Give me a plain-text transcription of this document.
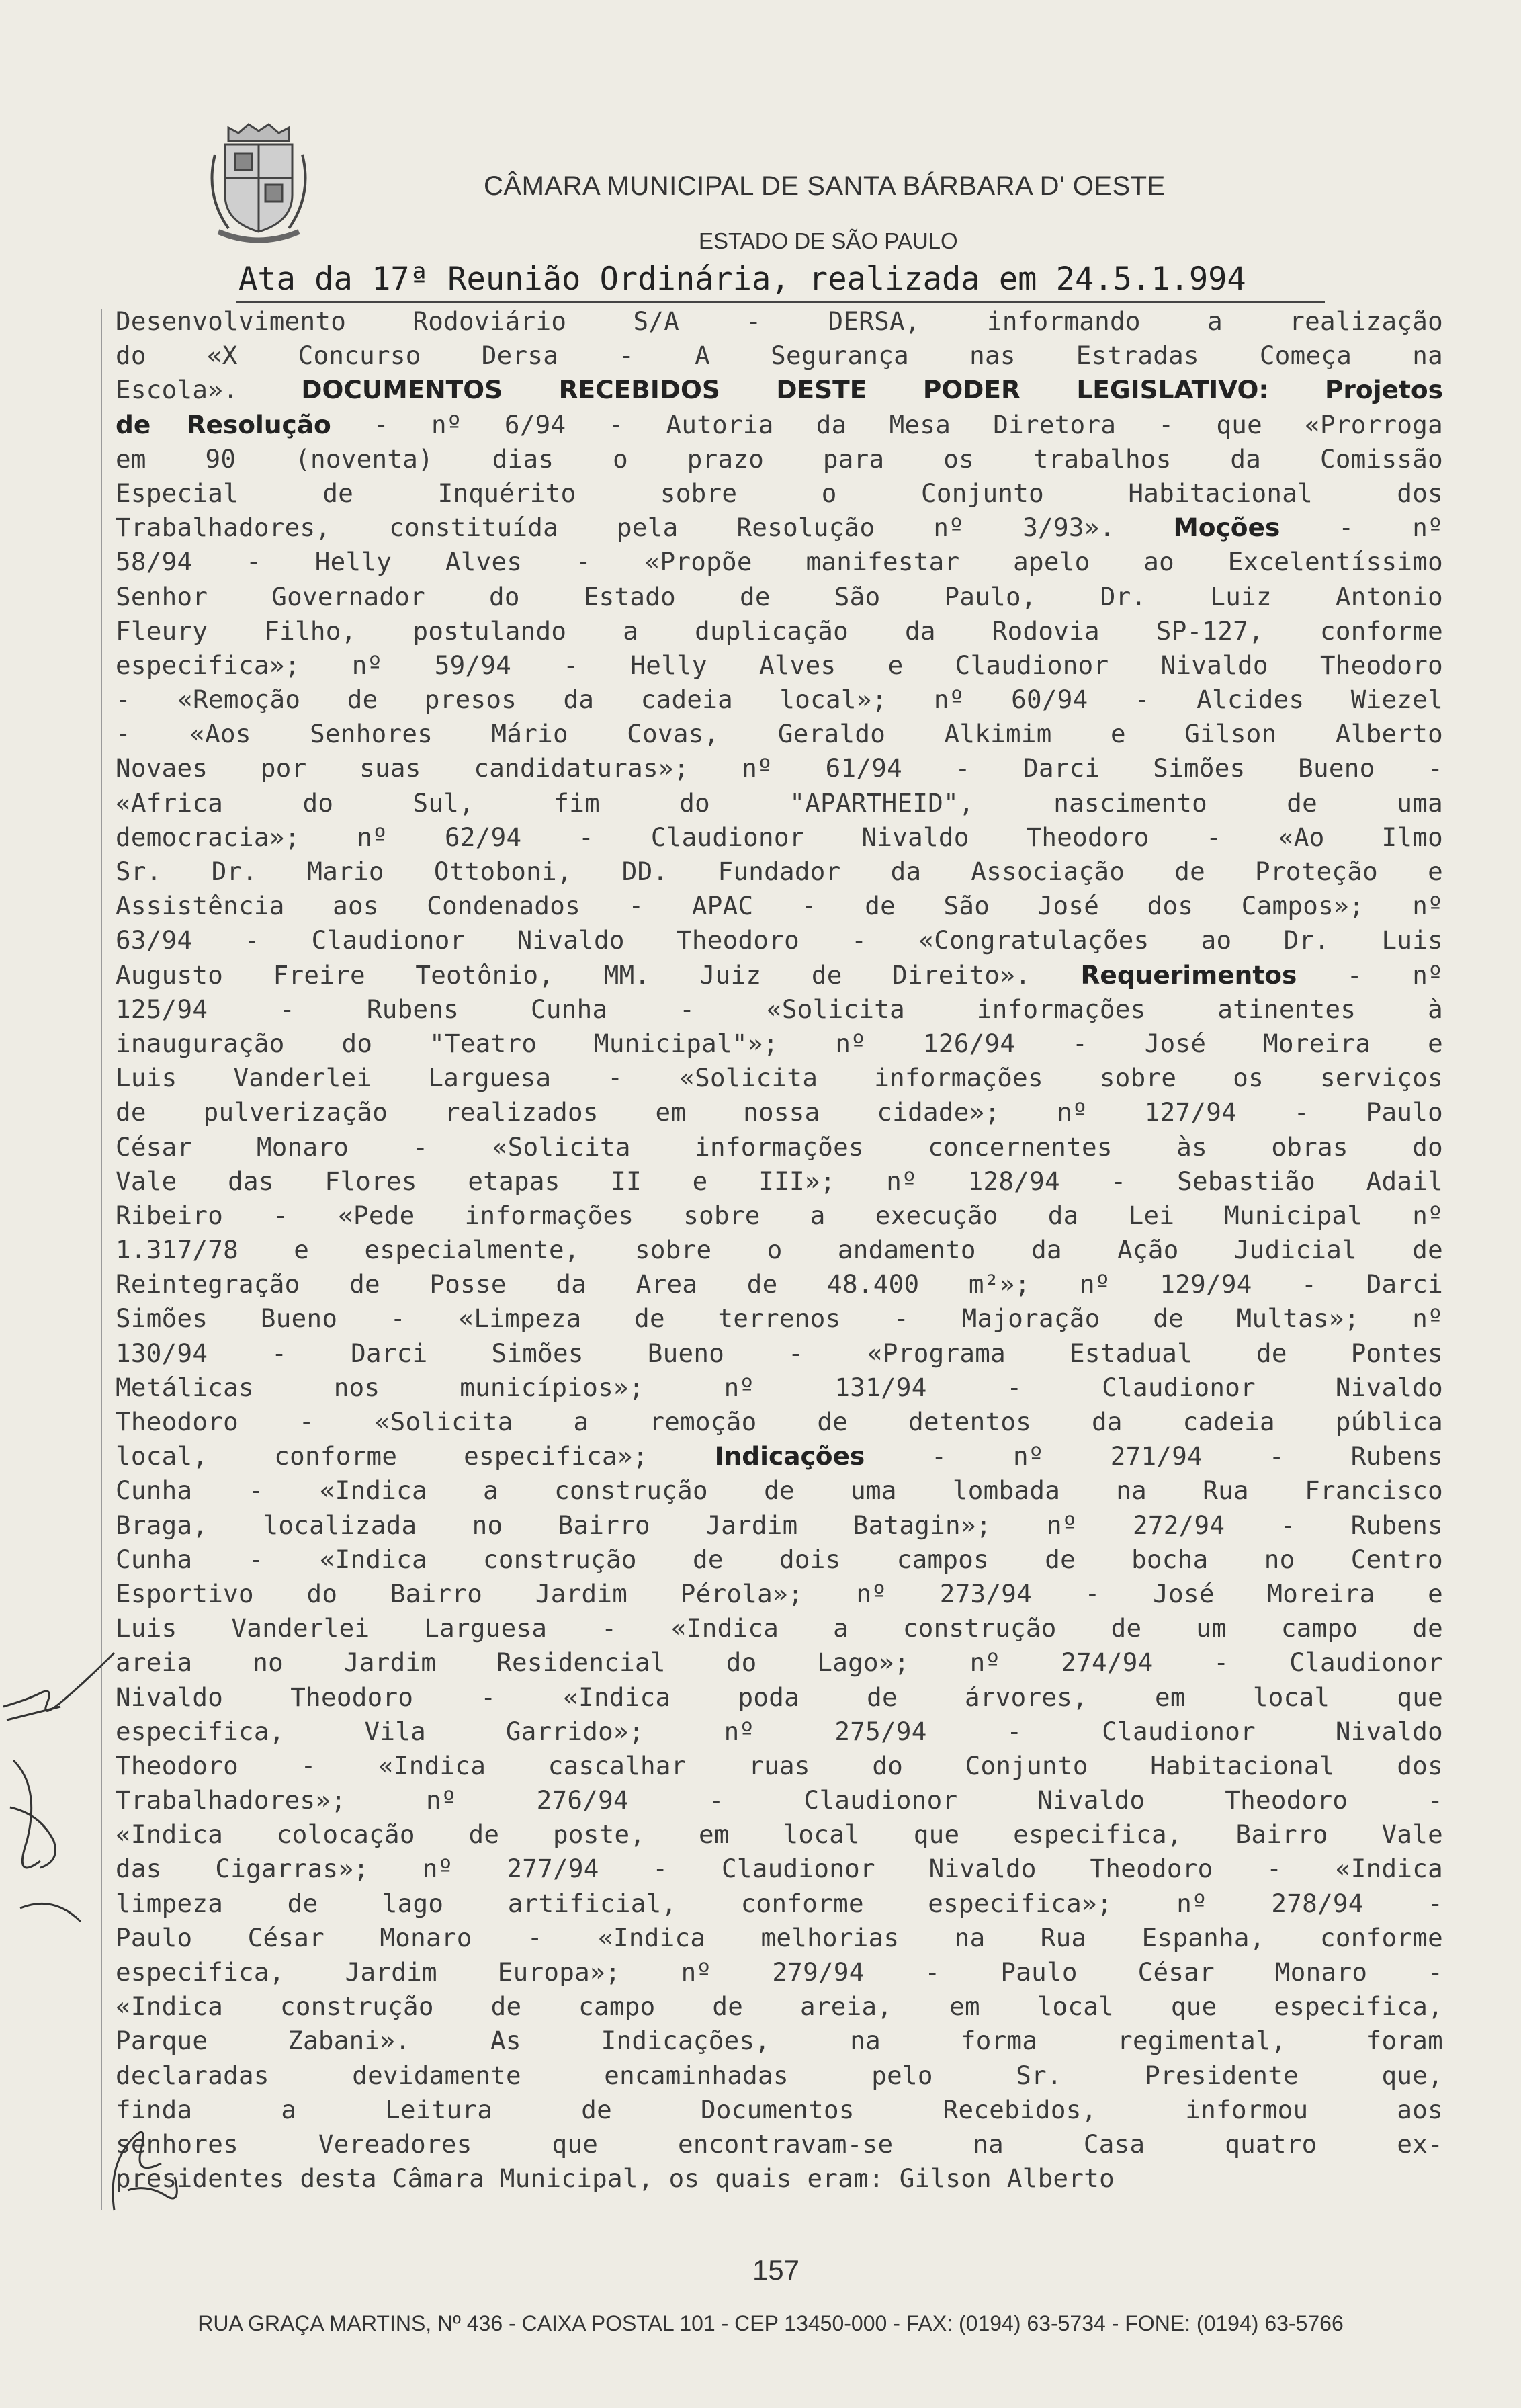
CÂMARA MUNICIPAL DE SANTA BÁRBARA D' OESTE
ESTADO DE SÃO PAULO
Ata da 17ª Reunião Ordinária, realizada em 24.5.1.994
Desenvolvimento Rodoviário S/A - DERSA, informando a realização
do «X Concurso Dersa - A Segurança nas Estradas Começa na
Escola». DOCUMENTOS RECEBIDOS DESTE PODER LEGISLATIVO: Projetos
de Resolução - nº 6/94 - Autoria da Mesa Diretora - que «Prorroga
em 90 (noventa) dias o prazo para os trabalhos da Comissão
Especial de Inquérito sobre o Conjunto Habitacional dos
Trabalhadores, constituída pela Resolução nº 3/93». Moções - nº
58/94 - Helly Alves - «Propõe manifestar apelo ao Excelentíssimo
Senhor Governador do Estado de São Paulo, Dr. Luiz Antonio
Fleury Filho, postulando a duplicação da Rodovia SP-127, conforme
especifica»; nº 59/94 - Helly Alves e Claudionor Nivaldo Theodoro
- «Remoção de presos da cadeia local»; nº 60/94 - Alcides Wiezel
- «Aos Senhores Mário Covas, Geraldo Alkimim e Gilson Alberto
Novaes por suas candidaturas»; nº 61/94 - Darci Simões Bueno -
«Africa do Sul, fim do "APARTHEID", nascimento de uma
democracia»; nº 62/94 - Claudionor Nivaldo Theodoro - «Ao Ilmo
Sr. Dr. Mario Ottoboni, DD. Fundador da Associação de Proteção e
Assistência aos Condenados - APAC - de São José dos Campos»; nº
63/94 - Claudionor Nivaldo Theodoro - «Congratulações ao Dr. Luis
Augusto Freire Teotônio, MM. Juiz de Direito». Requerimentos - nº
125/94 - Rubens Cunha - «Solicita informações atinentes à
inauguração do "Teatro Municipal"»; nº 126/94 - José Moreira e
Luis Vanderlei Larguesa - «Solicita informações sobre os serviços
de pulverização realizados em nossa cidade»; nº 127/94 - Paulo
César Monaro - «Solicita informações concernentes às obras do
Vale das Flores etapas II e III»; nº 128/94 - Sebastião Adail
Ribeiro - «Pede informações sobre a execução da Lei Municipal nº
1.317/78 e especialmente, sobre o andamento da Ação Judicial de
Reintegração de Posse da Area de 48.400 m²»; nº 129/94 - Darci
Simões Bueno - «Limpeza de terrenos - Majoração de Multas»; nº
130/94 - Darci Simões Bueno - «Programa Estadual de Pontes
Metálicas nos municípios»; nº 131/94 - Claudionor Nivaldo
Theodoro - «Solicita a remoção de detentos da cadeia pública
local, conforme especifica»; Indicações - nº 271/94 - Rubens
Cunha - «Indica a construção de uma lombada na Rua Francisco
Braga, localizada no Bairro Jardim Batagin»; nº 272/94 - Rubens
Cunha - «Indica construção de dois campos de bocha no Centro
Esportivo do Bairro Jardim Pérola»; nº 273/94 - José Moreira e
Luis Vanderlei Larguesa - «Indica a construção de um campo de
areia no Jardim Residencial do Lago»; nº 274/94 - Claudionor
Nivaldo Theodoro - «Indica poda de árvores, em local que
especifica, Vila Garrido»; nº 275/94 - Claudionor Nivaldo
Theodoro - «Indica cascalhar ruas do Conjunto Habitacional dos
Trabalhadores»; nº 276/94 - Claudionor Nivaldo Theodoro -
«Indica colocação de poste, em local que especifica, Bairro Vale
das Cigarras»; nº 277/94 - Claudionor Nivaldo Theodoro - «Indica
limpeza de lago artificial, conforme especifica»; nº 278/94 -
Paulo César Monaro - «Indica melhorias na Rua Espanha, conforme
especifica, Jardim Europa»; nº 279/94 - Paulo César Monaro -
«Indica construção de campo de areia, em local que especifica,
Parque Zabani». As Indicações, na forma regimental, foram
declaradas devidamente encaminhadas pelo Sr. Presidente que,
finda a Leitura de Documentos Recebidos, informou aos
senhores Vereadores que encontravam-se na Casa quatro ex-
presidentes desta Câmara Municipal, os quais eram: Gilson Alberto
157
RUA GRAÇA MARTINS, Nº 436 - CAIXA POSTAL 101 - CEP 13450-000 - FAX: (0194) 63-5734 - FONE: (0194) 63-5766
